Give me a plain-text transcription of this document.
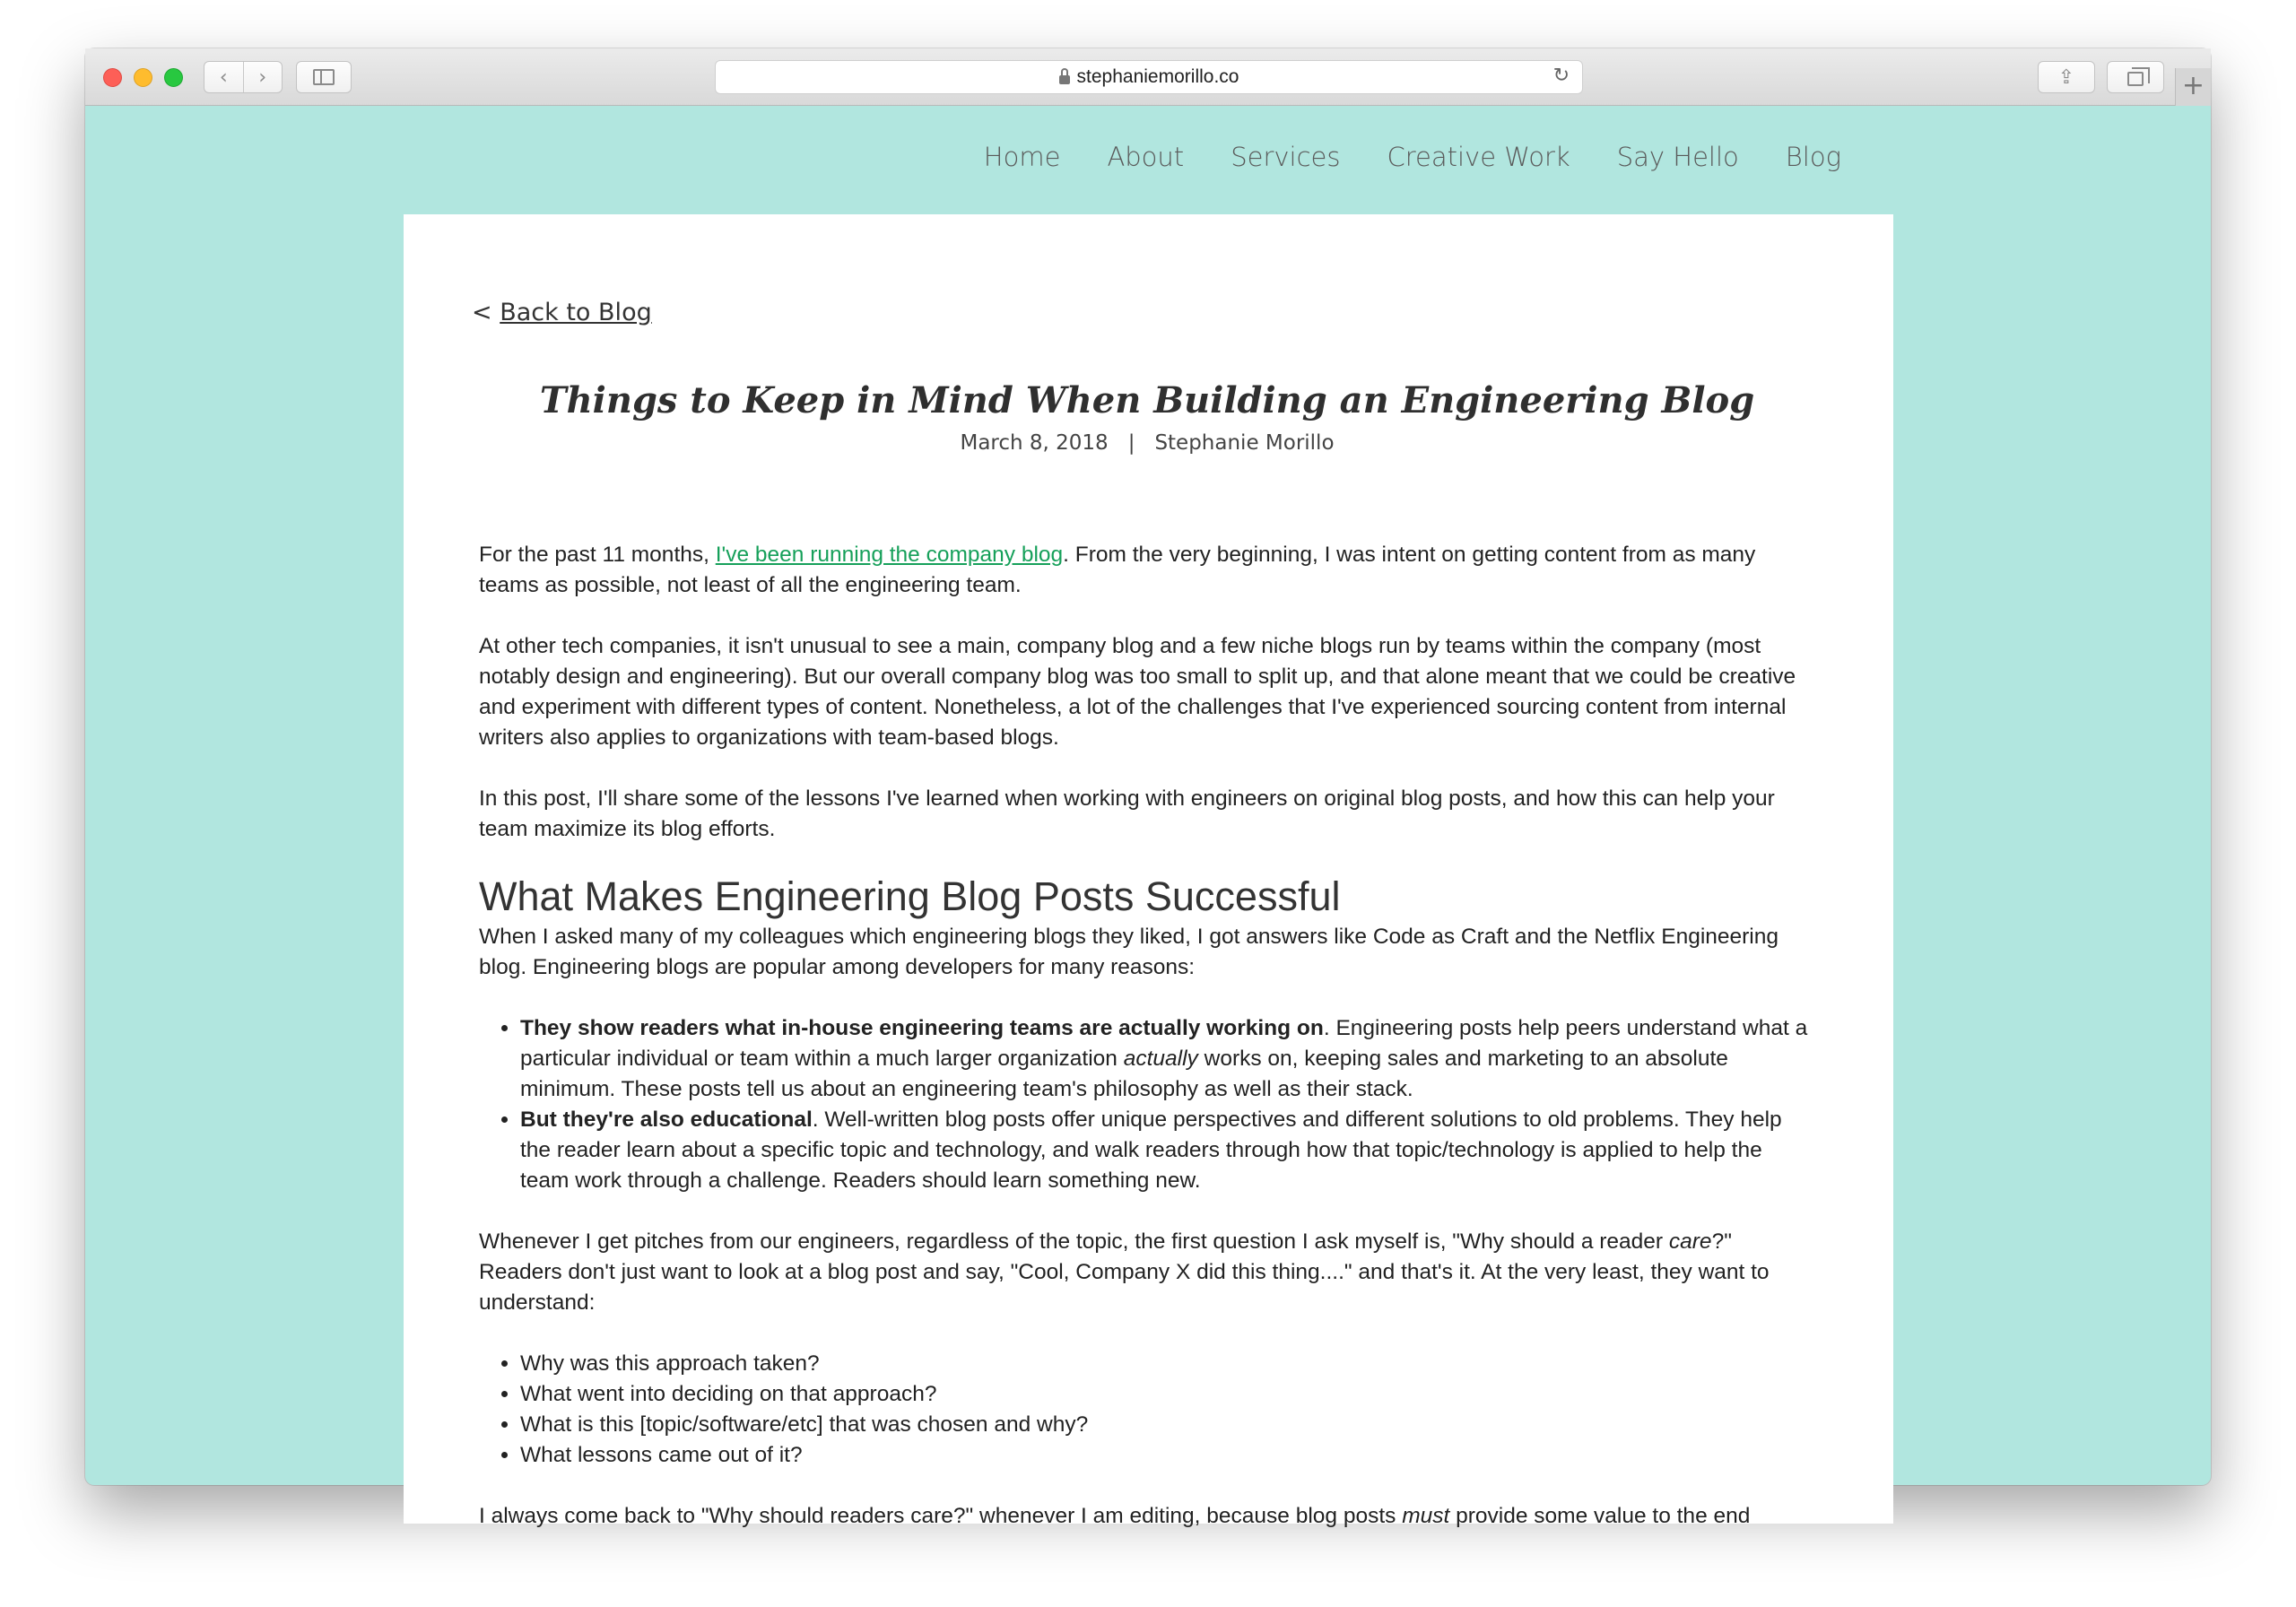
‹	›	stephaniemorillo.co	↻	⇪	+
Home About Services Creative Work Say Hello Blog
< Back to Blog
Things to Keep in Mind When Building an Engineering Blog
March 8, 2018 | Stephanie Morillo

For the past 11 months, I've been running the company blog. From the very beginning, I was intent on getting content from as many teams as possible, not least of all the engineering team.

At other tech companies, it isn't unusual to see a main, company blog and a few niche blogs run by teams within the company (most notably design and engineering). But our overall company blog was too small to split up, and that alone meant that we could be creative and experiment with different types of content. Nonetheless, a lot of the challenges that I've experienced sourcing content from internal writers also applies to organizations with team-based blogs.

In this post, I'll share some of the lessons I've learned when working with engineers on original blog posts, and how this can help your team maximize its blog efforts.

What Makes Engineering Blog Posts Successful

When I asked many of my colleagues which engineering blogs they liked, I got answers like Code as Craft and the Netflix Engineering blog. Engineering blogs are popular among developers for many reasons:

• They show readers what in-house engineering teams are actually working on. Engineering posts help peers understand what a particular individual or team within a much larger organization actually works on, keeping sales and marketing to an absolute minimum. These posts tell us about an engineering team's philosophy as well as their stack.
• But they're also educational. Well-written blog posts offer unique perspectives and different solutions to old problems. They help the reader learn about a specific topic and technology, and walk readers through how that topic/technology is applied to help the team work through a challenge. Readers should learn something new.

Whenever I get pitches from our engineers, regardless of the topic, the first question I ask myself is, "Why should a reader care?" Readers don't just want to look at a blog post and say, "Cool, Company X did this thing...." and that's it. At the very least, they want to understand:

• Why was this approach taken?
• What went into deciding on that approach?
• What is this [topic/software/etc] that was chosen and why?
• What lessons came out of it?

I always come back to "Why should readers care?" whenever I am editing, because blog posts must provide some value to the end
